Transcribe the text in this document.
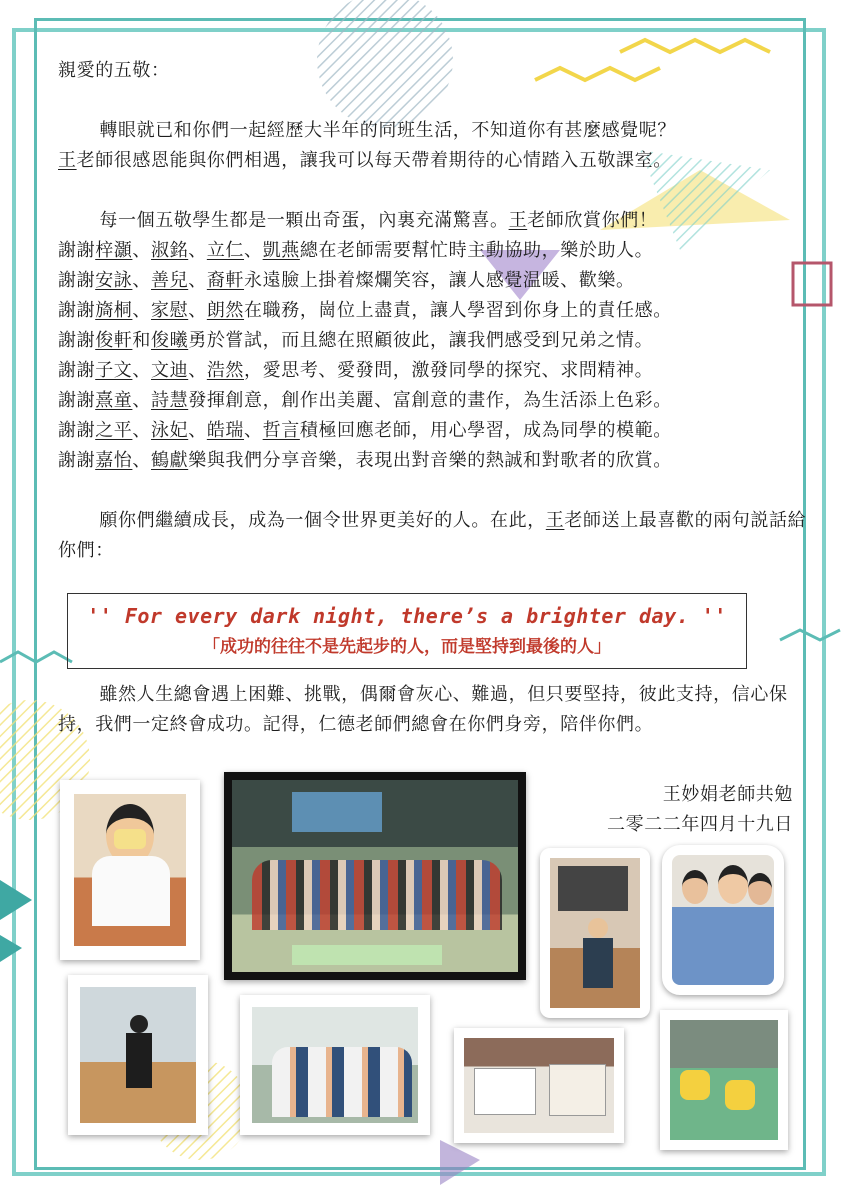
親愛的五敬：

轉眼就已和你們一起經歷大半年的同班生活，不知道你有甚麼感覺呢？

王老師很感恩能與你們相遇，讓我可以每天帶着期待的心情踏入五敬課室。

每一個五敬學生都是一顆出奇蛋，內裏充滿驚喜。王老師欣賞你們！

謝謝梓灝、淑銘、立仁、凱燕總在老師需要幫忙時主動協助，樂於助人。

謝謝安詠、善兒、裔軒永遠臉上掛着燦爛笑容，讓人感覺温暖、歡樂。

謝謝旖桐、家慰、朗然在職務，崗位上盡責，讓人學習到你身上的責任感。

謝謝俊軒和俊曦勇於嘗試，而且總在照顧彼此，讓我們感受到兄弟之情。

謝謝子文、文迪、浩然，愛思考、愛發問，激發同學的探究、求問精神。

謝謝熹童、詩慧發揮創意，創作出美麗、富創意的畫作，為生活添上色彩。

謝謝之平、泳妃、皓瑞、哲言積極回應老師，用心學習，成為同學的模範。

謝謝嘉怡、鶴獻樂與我們分享音樂，表現出對音樂的熱誠和對歌者的欣賞。

願你們繼續成長，成為一個令世界更美好的人。在此，王老師送上最喜歡的兩句説話給你們：

'' For every dark night, there’s a brighter day. ''
「成功的往往不是先起步的人，而是堅持到最後的人」

雖然人生總會遇上困難、挑戰，偶爾會灰心、難過，但只要堅持，彼此支持，信心保持，我們一定終會成功。記得，仁德老師們總會在你們身旁，陪伴你們。

王妙娟老師共勉
二零二二年四月十九日
